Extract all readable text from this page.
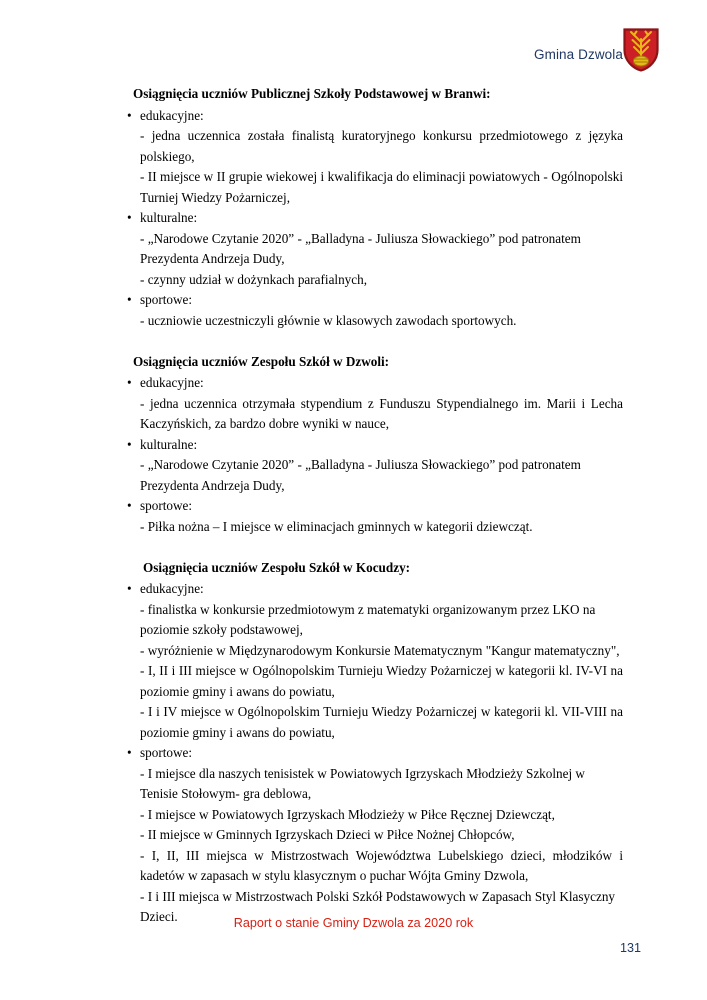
Gmina Dzwola
Osiągnięcia uczniów Publicznej Szkoły Podstawowej w Branwi:
• edukacyjne:
- jedna uczennica została finalistą kuratoryjnego konkursu przedmiotowego z języka polskiego,
- II miejsce w II grupie wiekowej i kwalifikacja do eliminacji powiatowych - Ogólnopolski Turniej Wiedzy Pożarniczej,
• kulturalne:
- „Narodowe Czytanie 2020” - „Balladyna - Juliusza Słowackiego” pod patronatem Prezydenta Andrzeja Dudy,
- czynny udział w dożynkach parafialnych,
• sportowe:
- uczniowie uczestniczyli głównie w klasowych zawodach sportowych.
Osiągnięcia uczniów Zespołu Szkół w Dzwoli:
• edukacyjne:
- jedna uczennica otrzymała stypendium z Funduszu Stypendialnego im. Marii i Lecha Kaczyńskich, za bardzo dobre wyniki w nauce,
• kulturalne:
- „Narodowe Czytanie 2020” - „Balladyna - Juliusza Słowackiego” pod patronatem Prezydenta Andrzeja Dudy,
• sportowe:
- Piłka nożna – I miejsce w eliminacjach gminnych w kategorii dziewcząt.
Osiągnięcia uczniów Zespołu Szkół w Kocudzy:
• edukacyjne:
- finalistka w konkursie przedmiotowym z matematyki organizowanym przez LKO na poziomie szkoły podstawowej,
- wyróżnienie w Międzynarodowym Konkursie Matematycznym "Kangur matematyczny",
- I, II i III miejsce w Ogólnopolskim Turnieju Wiedzy Pożarniczej w kategorii kl. IV-VI na poziomie gminy i awans do powiatu,
- I i IV miejsce w Ogólnopolskim Turnieju Wiedzy Pożarniczej w kategorii kl. VII-VIII na poziomie gminy i awans do powiatu,
• sportowe:
- I miejsce dla naszych tenisistek w Powiatowych Igrzyskach Młodzieży Szkolnej w Tenisie Stołowym- gra deblowa,
- I miejsce w Powiatowych Igrzyskach Młodzieży w Piłce Ręcznej Dziewcząt,
- II miejsce w Gminnych Igrzyskach Dzieci w Piłce Nożnej Chłopców,
- I, II, III miejsca w Mistrzostwach Województwa Lubelskiego dzieci, młodzików i kadetów w zapasach w stylu klasycznym o puchar Wójta Gminy Dzwola,
- I i III miejsca w Mistrzostwach Polski Szkół Podstawowych w Zapasach Styl Klasyczny Dzieci.	Raport o stanie Gminy Dzwola za 2020 rok
131
